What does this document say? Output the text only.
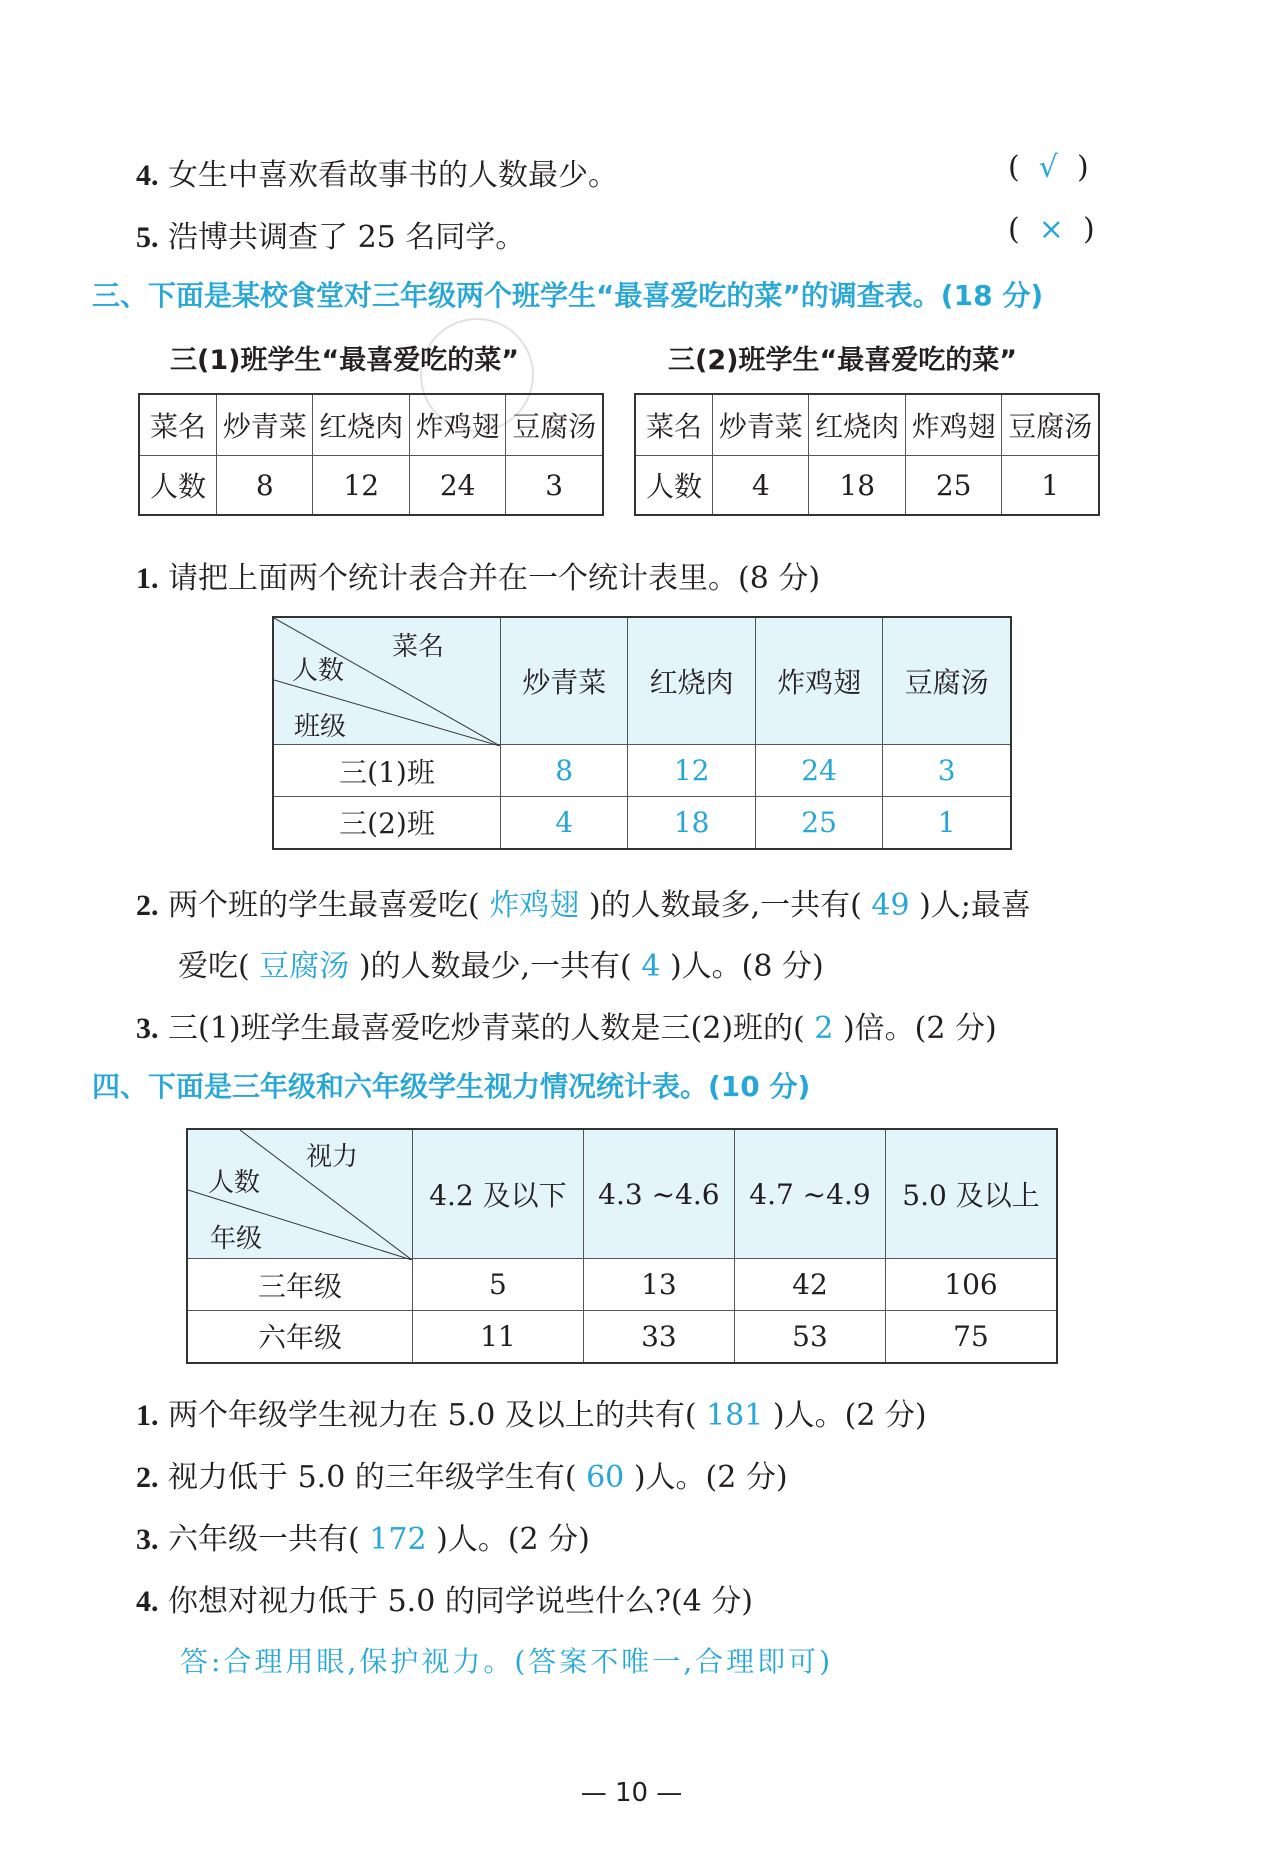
4. 女生中喜欢看故事书的人数最少。	(  √  )
5. 浩博共调查了 25 名同学。	(  ×  )
三、下面是某校食堂对三年级两个班学生“最喜爱吃的菜”的调查表。(18 分)
三(1)班学生“最喜爱吃的菜”	三(2)班学生“最喜爱吃的菜”
菜名	炒青菜	红烧肉	炸鸡翅	豆腐汤
人数	8	12	24	3
菜名	炒青菜	红烧肉	炸鸡翅	豆腐汤
人数	4	18	25	1
1. 请把上面两个统计表合并在一个统计表里。(8 分)
菜名
人数
班级	炒青菜	红烧肉	炸鸡翅	豆腐汤
三(1)班	8	12	24	3
三(2)班	4	18	25	1
2. 两个班的学生最喜爱吃( 炸鸡翅 )的人数最多,一共有( 49 )人;最喜
爱吃( 豆腐汤 )的人数最少,一共有( 4 )人。(8 分)
3. 三(1)班学生最喜爱吃炒青菜的人数是三(2)班的( 2 )倍。(2 分)
四、下面是三年级和六年级学生视力情况统计表。(10 分)
视力
人数
年级	4.2 及以下	4.3 ~4.6	4.7 ~4.9	5.0 及以上
三年级	5	13	42	106
六年级	11	33	53	75
1. 两个年级学生视力在 5.0 及以上的共有( 181 )人。(2 分)
2. 视力低于 5.0 的三年级学生有( 60 )人。(2 分)
3. 六年级一共有( 172 )人。(2 分)
4. 你想对视力低于 5.0 的同学说些什么?(4 分)
答:合理用眼,保护视力。(答案不唯一,合理即可)
— 10 —
